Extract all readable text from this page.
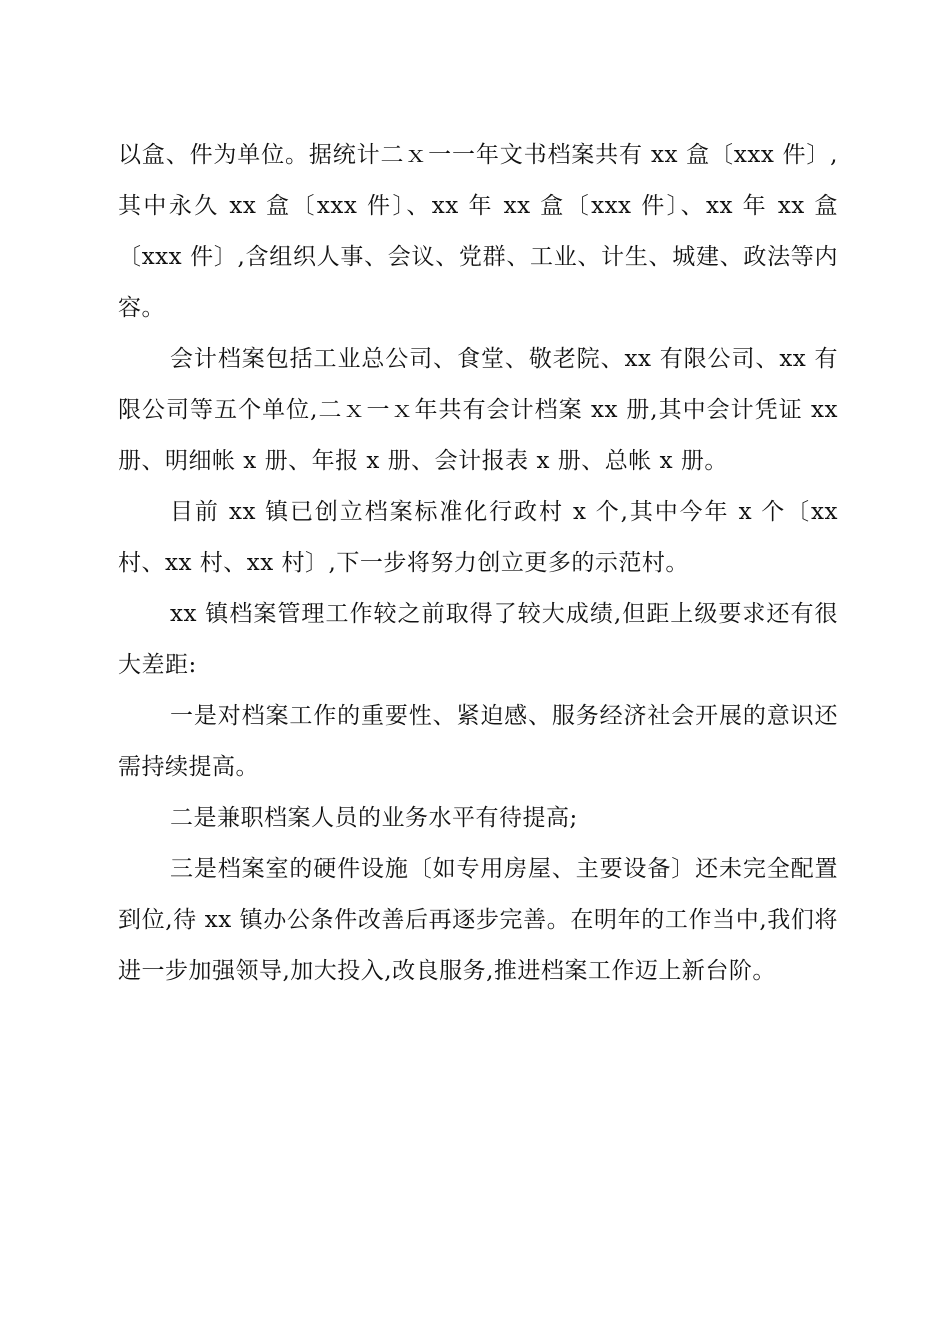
以盒、件为单位。据统计二ｘ一一年文书档案共有 xx 盒〔xxx 件〕,其中永久 xx 盒〔xxx 件〕、xx 年 xx 盒〔xxx 件〕、xx 年 xx 盒〔xxx 件〕,含组织人事、会议、党群、工业、计生、城建、政法等内容。

会计档案包括工业总公司、食堂、敬老院、xx 有限公司、xx 有限公司等五个单位,二ｘ一ｘ年共有会计档案 xx 册,其中会计凭证 xx 册、明细帐 x 册、年报 x 册、会计报表 x 册、总帐 x 册。

目前 xx 镇已创立档案标准化行政村 x 个,其中今年 x 个〔xx 村、xx 村、xx 村〕,下一步将努力创立更多的示范村。

xx 镇档案管理工作较之前取得了较大成绩,但距上级要求还有很大差距:

一是对档案工作的重要性、紧迫感、服务经济社会开展的意识还需持续提高。

二是兼职档案人员的业务水平有待提高;

三是档案室的硬件设施〔如专用房屋、主要设备〕还未完全配置到位,待 xx 镇办公条件改善后再逐步完善。在明年的工作当中,我们将进一步加强领导,加大投入,改良服务,推进档案工作迈上新台阶。
